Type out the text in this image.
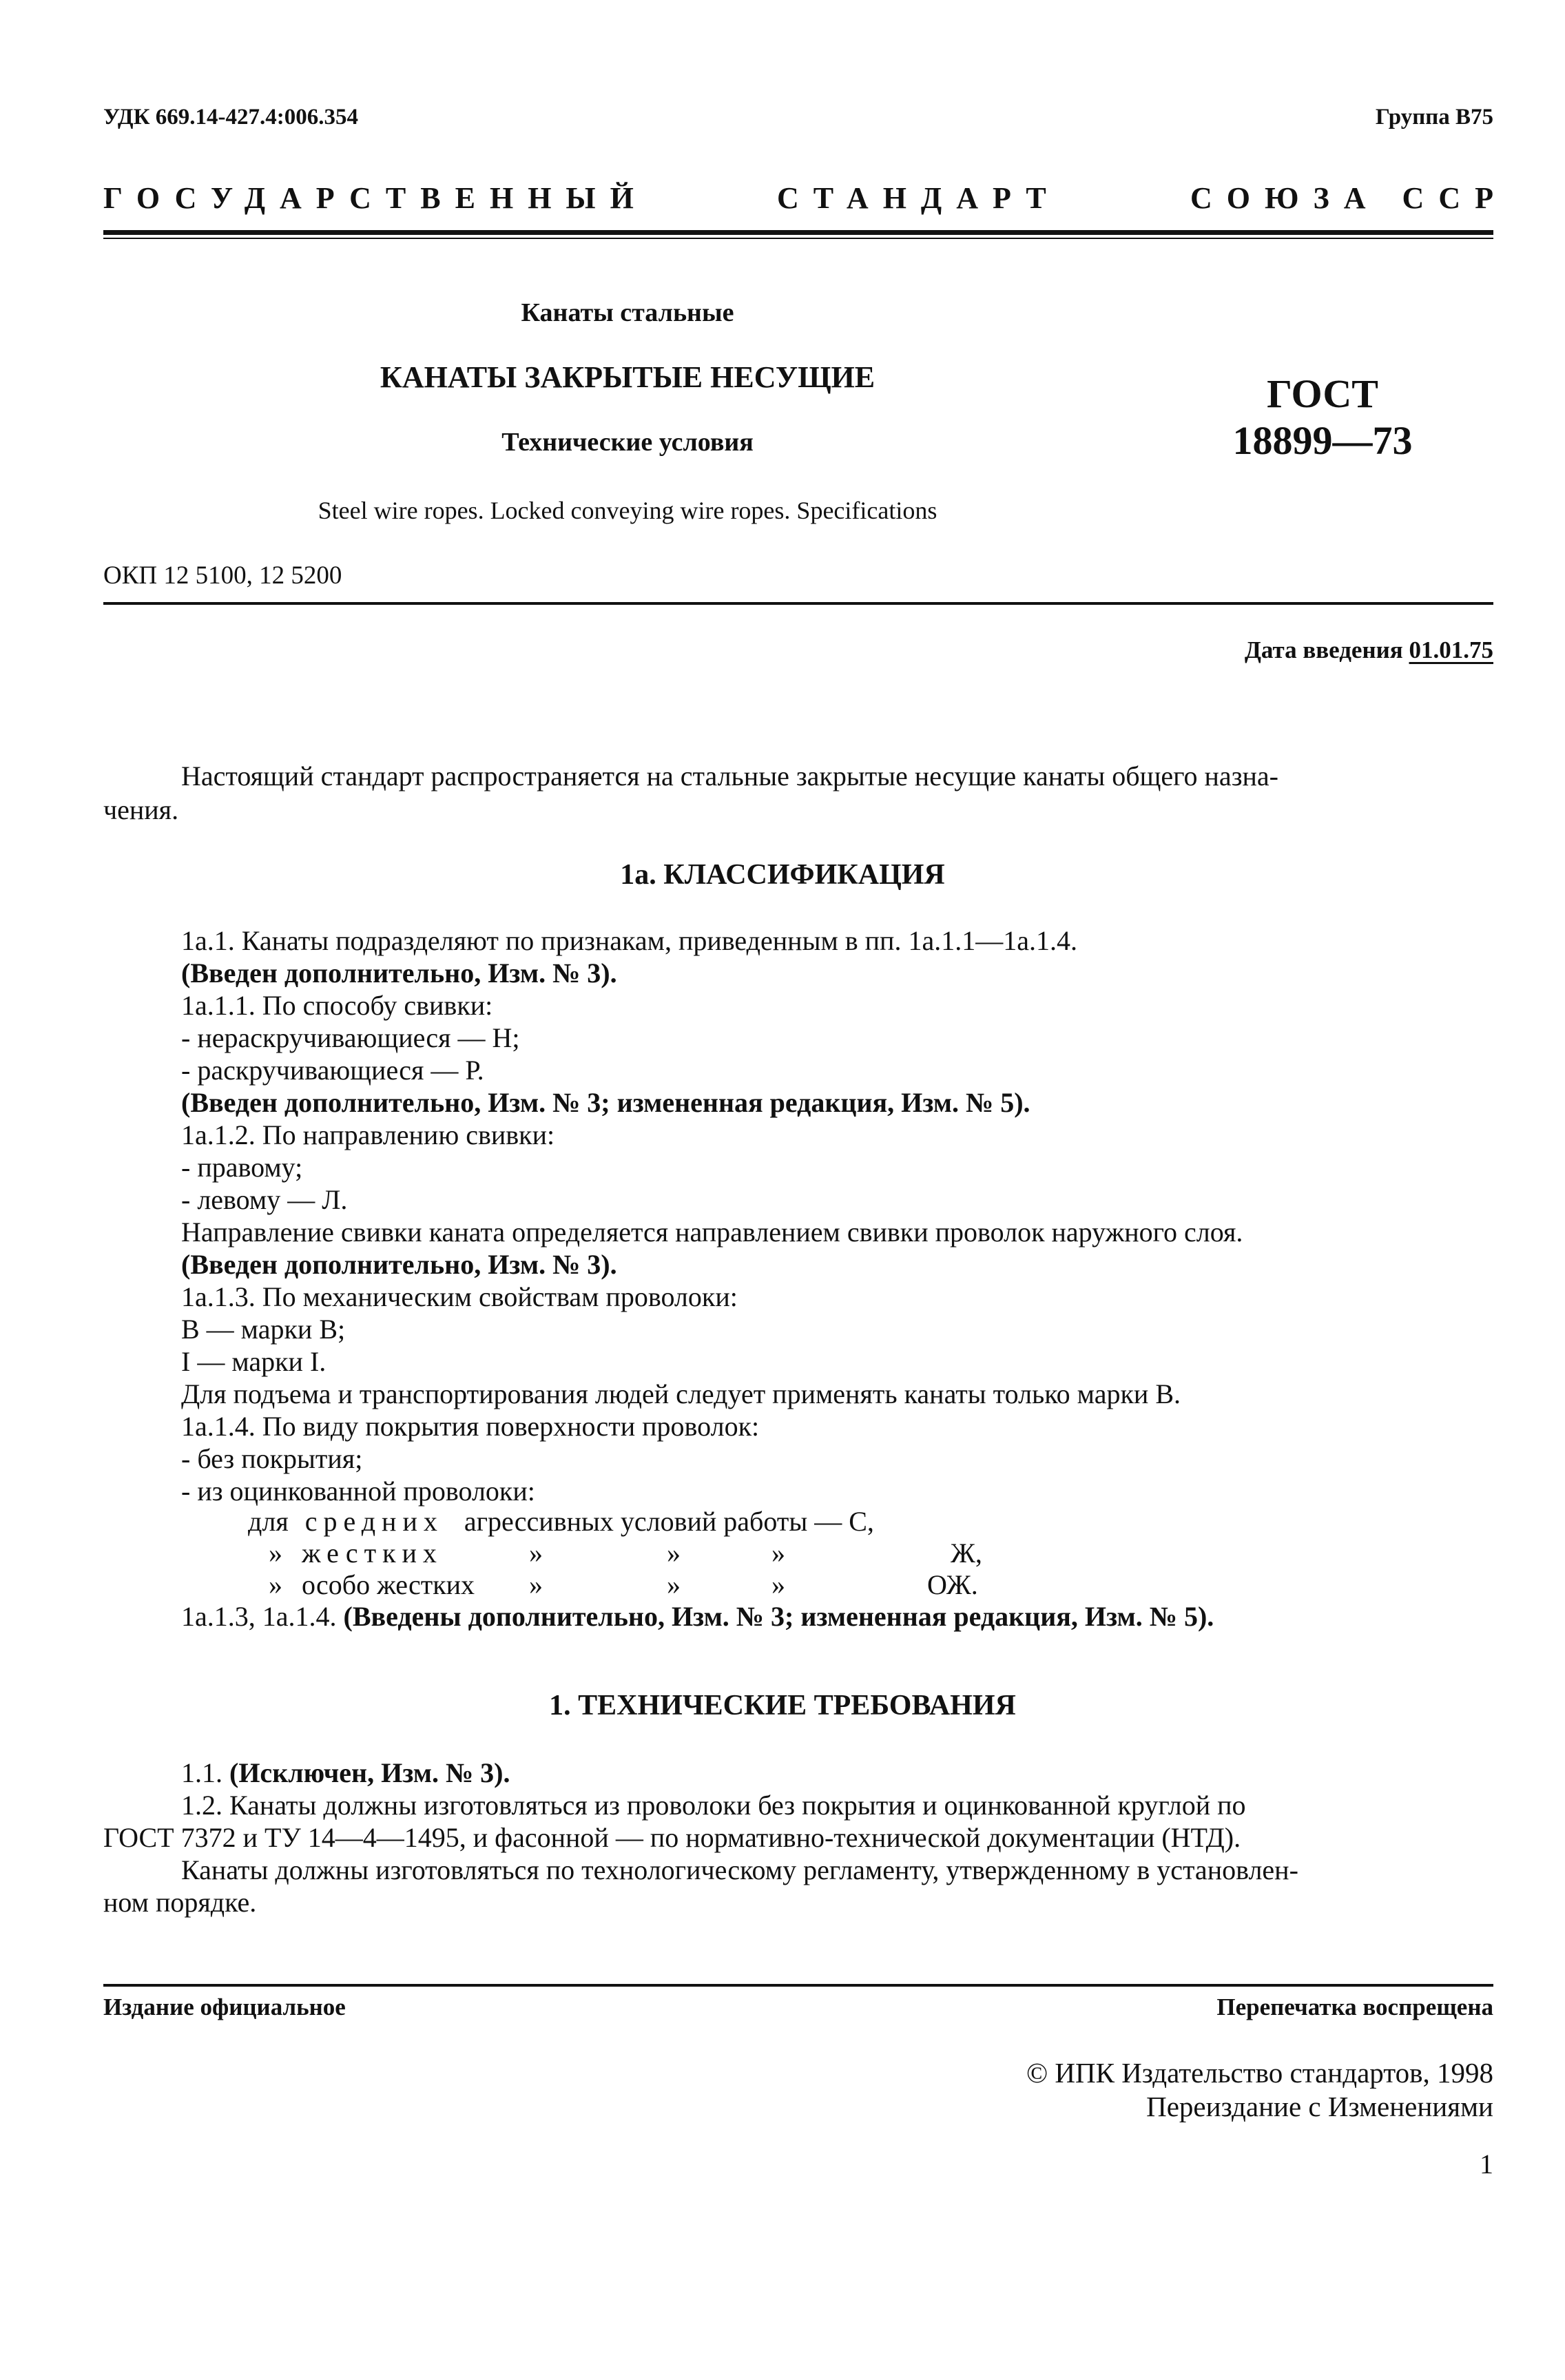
УДК 669.14-427.4:006.354	Группа В75
ГОСУДАРСТВЕННЫЙ	СТАНДАРТ	СОЮЗА ССР
Канаты стальные
КАНАТЫ ЗАКРЫТЫЕ НЕСУЩИЕ
Технические условия
ГОСТ
18899—73
Steel wire ropes. Locked conveying wire ropes. Specifications
ОКП 12 5100, 12 5200
Дата введения 01.01.75
Настоящий стандарт распространяется на стальные закрытые несущие канаты общего назна-
чения.
1а. КЛАССИФИКАЦИЯ
1а.1. Канаты подразделяют по признакам, приведенным в пп. 1а.1.1—1а.1.4.
(Введен дополнительно, Изм. № 3).
1а.1.1. По способу свивки:
- нераскручивающиеся — Н;
- раскручивающиеся — Р.
(Введен дополнительно, Изм. № 3; измененная редакция, Изм. № 5).
1а.1.2. По направлению свивки:
- правому;
- левому — Л.
Направление свивки каната определяется направлением свивки проволок наружного слоя.
(Введен дополнительно, Изм. № 3).
1а.1.3. По механическим свойствам проволоки:
В — марки В;
I — марки I.
Для подъема и транспортирования людей следует применять канаты только марки В.
1а.1.4. По виду покрытия поверхности проволок:
- без покрытия;
- из оцинкованной проволоки:
для средних агрессивных условий работы — С,
» жестких	»	»	»	Ж,
» особо жестких »	»	»	ОЖ.
1а.1.3, 1а.1.4. (Введены дополнительно, Изм. № 3; измененная редакция, Изм. № 5).
1. ТЕХНИЧЕСКИЕ ТРЕБОВАНИЯ
1.1. (Исключен, Изм. № 3).
1.2. Канаты должны изготовляться из проволоки без покрытия и оцинкованной круглой по
ГОСТ 7372 и ТУ 14—4—1495, и фасонной — по нормативно-технической документации (НТД).
Канаты должны изготовляться по технологическому регламенту, утвержденному в установлен-
ном порядке.
Издание официальное	Перепечатка воспрещена
© ИПК Издательство стандартов, 1998
Переиздание с Изменениями
1
